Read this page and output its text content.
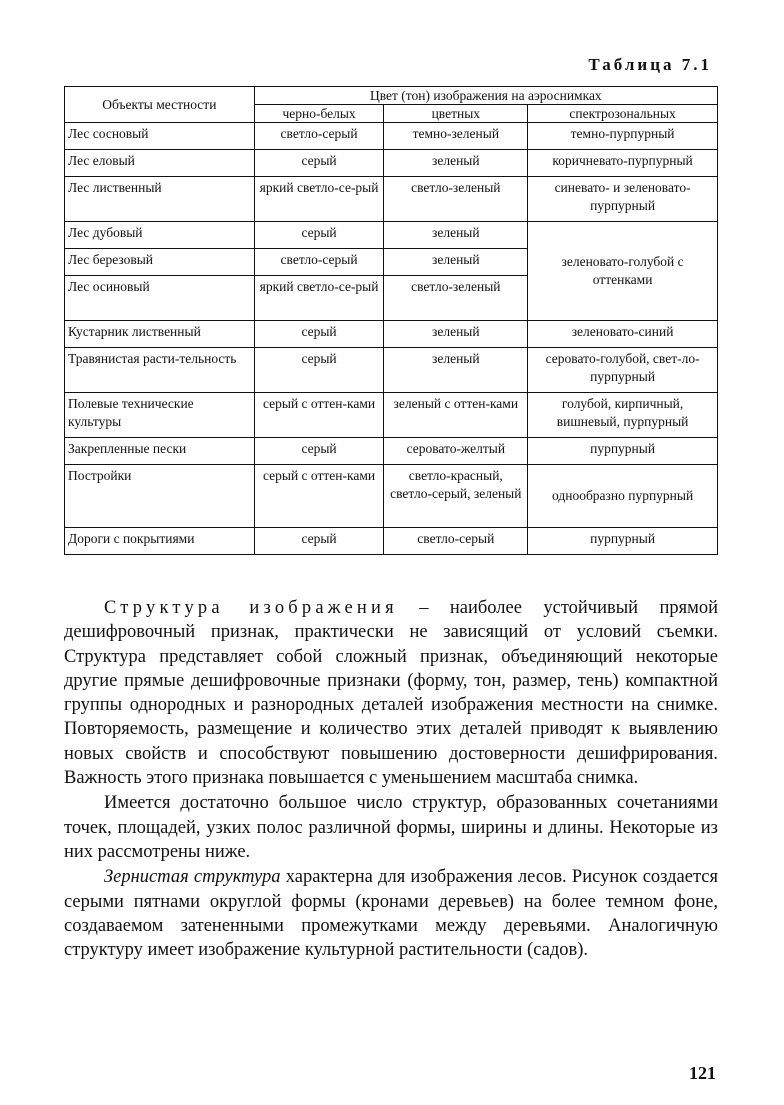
Таблица 7.1
Объекты местности	Цвет (тон) изображения на аэроснимках		
	черно-белых	цветных	спектрозональных
Лес сосновый	светло-серый	темно-зеленый	темно-пурпурный
Лес еловый	серый	зеленый	коричневато-пурпурный
Лес лиственный	яркий светло-се-рый	светло-зеленый	синевато- и зеленовато-пурпурный
Лес дубовый	серый	зеленый	зеленовато-голубой с оттенками
Лес березовый	светло-серый	зеленый	
Лес осиновый	яркий светло-се-рый	светло-зеленый	
Кустарник лиственный	серый	зеленый	зеленовато-синий
Травянистая расти-тельность	серый	зеленый	сероватo-голубой, свет-ло-пурпурный
Полевые технические культуры	серый с оттен-ками	зеленый с оттен-ками	голубой, кирпичный, вишневый, пурпурный
Закрепленные пески	серый	серовато-желтый	пурпурный
Постройки	серый с оттен-ками	светло-красный, светло-серый, зеленый	однообразно пурпурный
Дороги с покрытиями	серый	светло-серый	пурпурный

Структура изображения – наиболее устойчивый прямой дешифровочный признак, практически не зависящий от условий съемки. Структура представляет собой сложный признак, объединяющий некоторые другие прямые дешифровочные признаки (форму, тон, размер, тень) компактной группы однородных и разнородных деталей изображения местности на снимке. Повторяемость, размещение и количество этих деталей приводят к выявлению новых свойств и способствуют повышению достоверности дешифрирования. Важность этого признака повышается с уменьшением масштаба снимка.

Имеется достаточно большое число структур, образованных сочетаниями точек, площадей, узких полос различной формы, ширины и длины. Некоторые из них рассмотрены ниже.

Зернистая структура характерна для изображения лесов. Рисунок создается серыми пятнами округлой формы (кронами деревьев) на более темном фоне, создаваемом затененными промежутками между деревьями. Аналогичную структуру имеет изображение культурной растительности (садов).

121
